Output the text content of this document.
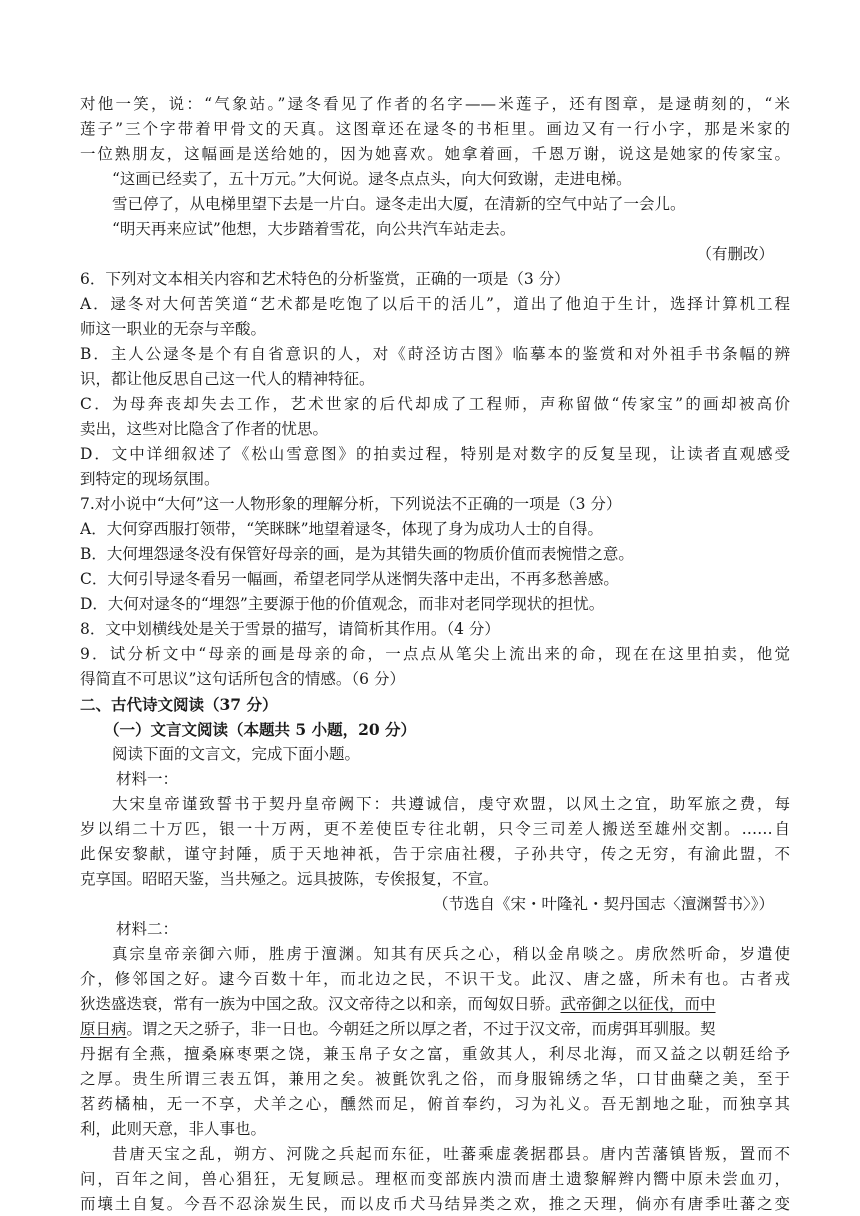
对他一笑，说：“气象站。”逯冬看见了作者的名字——米莲子，还有图章，是逯萌刻的，“米
莲子”三个字带着甲骨文的天真。这图章还在逯冬的书柜里。画边又有一行小字，那是米家的
一位熟朋友，这幅画是送给她的，因为她喜欢。她拿着画，千恩万谢，说这是她家的传家宝。
“这画已经卖了，五十万元。”大何说。逯冬点点头，向大何致谢，走进电梯。
雪已停了，从电梯里望下去是一片白。逯冬走出大厦，在清新的空气中站了一会儿。
“明天再来应试”他想，大步踏着雪花，向公共汽车站走去。
（有删改）
6．下列对文本相关内容和艺术特色的分析鉴赏，正确的一项是（3 分）
A．逯冬对大何苦笑道“艺术都是吃饱了以后干的活儿”，道出了他迫于生计，选择计算机工程
师这一职业的无奈与辛酸。
B．主人公逯冬是个有自省意识的人，对《莳泾访古图》临摹本的鉴赏和对外祖手书条幅的辨
识，都让他反思自己这一代人的精神特征。
C．为母奔丧却失去工作，艺术世家的后代却成了工程师，声称留做“传家宝”的画却被高价
卖出，这些对比隐含了作者的忧思。
D．文中详细叙述了《松山雪意图》的拍卖过程，特别是对数字的反复呈现，让读者直观感受
到特定的现场氛围。
7.对小说中“大何”这一人物形象的理解分析，下列说法不正确的一项是（3 分）
A．大何穿西服打领带，“笑眯眯”地望着逯冬，体现了身为成功人士的自得。
B．大何埋怨逯冬没有保管好母亲的画，是为其错失画的物质价值而表惋惜之意。
C．大何引导逯冬看另一幅画，希望老同学从迷惘失落中走出，不再多愁善感。
D．大何对逯冬的“埋怨”主要源于他的价值观念，而非对老同学现状的担忧。
8．文中划横线处是关于雪景的描写，请简析其作用。（4 分）
9．试分析文中“母亲的画是母亲的命，一点点从笔尖上流出来的命，现在在这里拍卖，他觉
得简直不可思议”这句话所包含的情感。（6 分）
二、古代诗文阅读（37 分）
（一）文言文阅读（本题共 5 小题，20 分）
阅读下面的文言文，完成下面小题。
材料一：
大宋皇帝谨致誓书于契丹皇帝阙下：共遵诚信，虔守欢盟，以风土之宜，助军旅之费，每
岁以绢二十万匹，银一十万两，更不差使臣专往北朝，只令三司差人搬送至雄州交割。……自
此保安黎献，谨守封陲，质于天地神祇，告于宗庙社稷，子孙共守，传之无穷，有渝此盟，不
克享国。昭昭天鉴，当共殛之。远具披陈，专俟报复，不宣。
（节选自《宋・叶隆礼・契丹国志〈澶渊誓书〉》）
材料二：
真宗皇帝亲御六师，胜虏于澶渊。知其有厌兵之心，稍以金帛啖之。虏欣然听命，岁遣使
介，修邻国之好。逮今百数十年，而北边之民，不识干戈。此汉、唐之盛，所未有也。古者戎
狄迭盛迭衰，常有一族为中国之敌。汉文帝待之以和亲，而匈奴日骄。武帝御之以征伐，而中
原日病。谓之天之骄子，非一日也。今朝廷之所以厚之者，不过于汉文帝，而虏弭耳驯服。契
丹据有全燕，擅桑麻枣栗之饶，兼玉帛子女之富，重敛其人，利尽北海，而又益之以朝廷给予
之厚。贵生所谓三表五饵，兼用之矣。被氈饮乳之俗，而身服锦绣之华，口甘曲蘖之美，至于
茗药橘柚，无一不享，犬羊之心，醺然而足，俯首奉约，习为礼义。吾无割地之耻，而独享其
利，此则天意，非人事也。
昔唐天宝之乱，朔方、河陇之兵起而东征，吐蕃乘虚袭据郡县。唐内苦藩镇皆叛，置而不
问，百年之间，兽心猖狂，无复顾忌。理枢而变部族内溃而唐土遗黎解辫内嚮中原未尝血刃，
而壤土自复。今吾不忍涂炭生民，而以皮币犬马结异类之欢，推之天理，倘亦有唐季吐蕃之变
